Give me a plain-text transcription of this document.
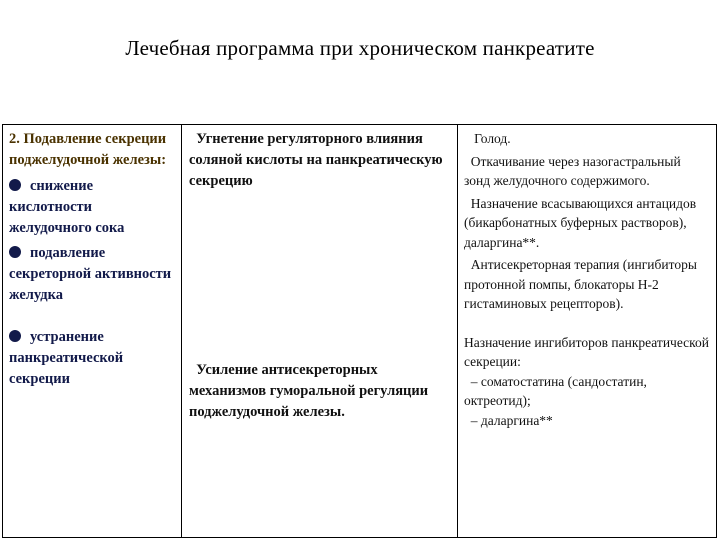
Лечебная программа при хроническом панкреатите

2. Подавление секреции поджелудочной железы:

снижение кислотности желудочного сока

подавление секреторной активности желудка

устранение панкреатической секреции

Угнетение регуляторного влияния соляной кислоты на панкреатическую секрецию

Усиление антисекреторных механизмов гуморальной регуляции поджелудочной железы.

Голод.

Откачивание через назогастральный зонд желудочного содержимого.

Назначение всасывающихся антацидов (бикарбонатных буферных растворов), даларгина**.

Антисекреторная терапия (ингибиторы протонной помпы, блокаторы Н-2 гистаминовых рецепторов).

Назначение ингибиторов панкреатической секреции:

– соматостатина (сандостатин, октреотид);

– даларгина**
